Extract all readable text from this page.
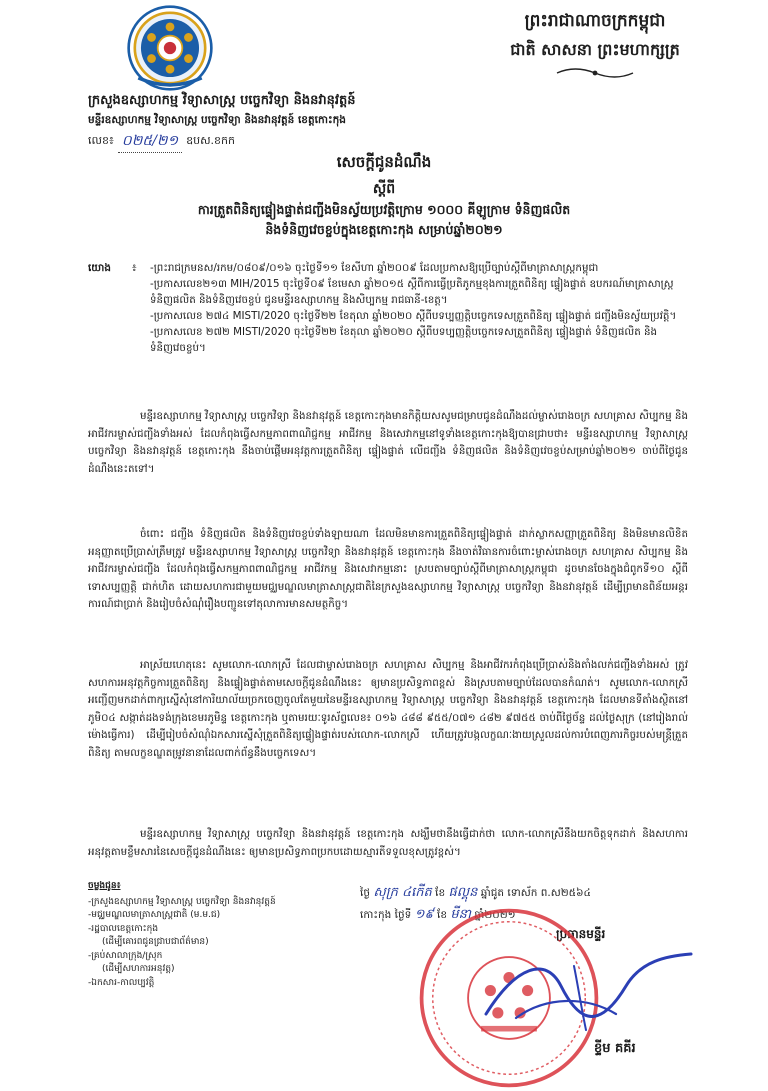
ព្រះរាជាណាចក្រកម្ពុជា
ជាតិ សាសនា ព្រះមហាក្សត្រ
ក្រសួងឧស្សាហកម្ម វិទ្យាសាស្ត្រ បច្ចេកវិទ្យា និងនវានុវត្តន៍
មន្ទីរឧស្សាហកម្ម វិទ្យាសាស្ត្រ បច្ចេកវិទ្យា និងនវានុវត្តន៍ ខេត្តកោះកុង
លេខ៖ ០២៥/២១ ឧបស.ខកក
សេចក្តីជូនដំណឹង
ស្តីពី
ការត្រួតពិនិត្យផ្ទៀងផ្ទាត់ជញ្ជីងមិនស្វ័យប្រវត្តិក្រោម ១០០០ គីឡូក្រាម ទំនិញផលិត
និងទំនិញវេចខ្ចប់ក្នុងខេត្តកោះកុង សម្រាប់ឆ្នាំ២០២១
យោង ៖ -ព្រះរាជក្រមនស/រកម/០៨០៩/០១៦ ចុះថ្ងៃទី១១ ខែសីហា ឆ្នាំ២០០៩ ដែលប្រកាសឱ្យប្រើច្បាប់ស្តីពីមាត្រាសាស្ត្រកម្ពុជា
-ប្រកាសលេខ២១៣ MIH/2015 ចុះថ្ងៃទី០៩ ខែមេសា ឆ្នាំ២០១៥ ស្តីពីការធ្វើប្រតិភូកម្មខុងការត្រួតពិនិត្យ ផ្ទៀងផ្ទាត់ ឧបករណ៍មាត្រាសាស្ត្រ ទំនិញផលិត និងទំនិញវេចខ្ចប់ ជូនមន្ទីរឧស្សាហកម្ម និងសិប្បកម្ម រាជធានី-ខេត្ត។
-ប្រកាសលេខ ២៧៤ MISTI/2020 ចុះថ្ងៃទី២២ ខែតុលា ឆ្នាំ២០២០ ស្តីពីបទប្បញ្ញត្តិបច្ចេកទេសត្រួតពិនិត្យ ផ្ទៀងផ្ទាត់ ជញ្ជីងមិនស្វ័យប្រវត្តិ។
-ប្រកាសលេខ ២៧២ MISTI/2020 ចុះថ្ងៃទី២២ ខែតុលា ឆ្នាំ២០២០ ស្តីពីបទប្បញ្ញត្តិបច្ចេកទេសត្រួតពិនិត្យ ផ្ទៀងផ្ទាត់ ទំនិញផលិត និងទំនិញវេចខ្ចប់។

មន្ទីរឧស្សាហកម្ម វិទ្យាសាស្ត្រ បច្ចេកវិទ្យា និងនវានុវត្តន៍ ខេត្តកោះកុងមានកិត្តិយសសូមជម្រាបជូនដំណឹងដល់ម្ចាស់រោងចក្រ សហគ្រាស សិប្បកម្ម និងអាជីវករម្ចាស់ជញ្ជីងទាំងអស់ ដែលកំពុងធ្វើសកម្មភាពពាណិជ្ជកម្ម អាជីវកម្ម និងសេវាកម្មនៅទូទាំងខេត្តកោះកុងឱ្យបានជ្រាបថា៖ មន្ទីរឧស្សាហកម្ម វិទ្យាសាស្ត្រ បច្ចេកវិទ្យា និងនវានុវត្តន៍ ខេត្តកោះកុង នឹងចាប់ផ្តើមអនុវត្តការត្រួតពិនិត្យ ផ្ទៀងផ្ទាត់ លើជញ្ជីង ទំនិញផលិត និងទំនិញវេចខ្ចប់សម្រាប់ឆ្នាំ២០២១ ចាប់ពីថ្ងៃជូនដំណឹងនេះតទៅ។

ចំពោះ ជញ្ជីង ទំនិញផលិត និងទំនិញវេចខ្ចប់ទាំងឡាយណា ដែលមិនមានការត្រួតពិនិត្យផ្ទៀងផ្ទាត់ ដាក់ស្លាកសញ្ញាត្រួតពិនិត្យ និងមិនមានលិខិតអនុញ្ញាតប្រើប្រាស់ត្រឹមត្រូវ មន្ទីរឧស្សាហកម្ម វិទ្យាសាស្ត្រ បច្ចេកវិទ្យា និងនវានុវត្តន៍ ខេត្តកោះកុង នឹងចាត់វិធានការចំពោះម្ចាស់រោងចក្រ សហគ្រាស សិប្បកម្ម និងអាជីវករម្ចាស់ជញ្ជីង ដែលកំពុងធ្វើសកម្មភាពពាណិជ្ជកម្ម អាជីវកម្ម និងសេវាកម្មនោះ ស្របតាមច្បាប់ស្តីពីមាត្រាសាស្ត្រកម្ពុជា ដូចមានចែងក្នុងជំពូកទី១០ ស្តីពីទោសប្បញ្ញត្តិ ជាក់ហិត ដោយសហការជាមួយមជ្ឈមណ្ឌលមាត្រាសាស្ត្រជាតិនៃក្រសួងឧស្សាហកម្ម វិទ្យាសាស្ត្រ បច្ចេកវិទ្យា និងនវានុវត្តន៍ ដើម្បីព្រមានពិន័យអន្តរការណ៍ជាប្រាក់ និងរៀបចំសំណុំរឿងបញ្ជូនទៅតុលាការមានសមត្ថកិច្ច។

អាស្រ័យហេតុនេះ សូមលោក-លោកស្រី ដែលជាម្ចាស់រោងចក្រ សហគ្រាស សិប្បកម្ម និងអាជីវករកំពុងប្រើប្រាស់និងតាំងលក់ជញ្ជីងទាំងអស់ ត្រូវសហការអនុវត្តកិច្ចការត្រួតពិនិត្យ និងផ្ទៀងផ្ទាត់តាមសេចក្តីជូនដំណឹងនេះ ឲ្យមានប្រសិទ្ធភាពខ្ពស់ និងស្របតាមច្បាប់ដែលបានកំណត់។ សូមលោក-លោកស្រី អញ្ជើញមកដាក់ពាក្យស្នើសុំនៅការិយាល័យច្រកចេញចូលតែមួយនៃមន្ទីរឧស្សាហកម្ម វិទ្យាសាស្ត្រ បច្ចេកវិទ្យា និងនវានុវត្តន៍ ខេត្តកោះកុង ដែលមានទីតាំងស្ថិតនៅភូមិ០៤ សង្កាត់ដងទង់ក្រុងខេមរភូមិន្ទ ខេត្តកោះកុង ឬតាមរយៈទូរស័ព្ទលេខ៖ ០១៦ ៤៨៨ ៩៥៥/០៧១ ៤៨២ ៩៧៥៥ ចាប់ពីថ្ងៃច័ន្ទ ដល់ថ្ងៃសុក្រ (នៅរៀងរាល់ម៉ោងធ្វើការ) ដើម្បីរៀបចំសំណុំឯកសារស្នើសុំត្រួតពិនិត្យផ្ទៀងផ្ទាត់របស់លោក-លោកស្រី ហើយត្រូវបង្កលក្ខណៈងាយស្រួលដល់ការបំពេញភារកិច្ចរបស់មន្ត្រីត្រួតពិនិត្យ តាមលក្ខខណ្ឌតម្រូវនានាដែលពាក់ព័ន្ធនឹងបច្ចេកទេស។

មន្ទីរឧស្សាហកម្ម វិទ្យាសាស្ត្រ បច្ចេកវិទ្យា និងនវានុវត្តន៍ ខេត្តកោះកុង សង្ឃឹមថានឹងធ្វើជាក់ថា លោក-លោកស្រីនឹងយកចិត្តទុកដាក់ និងសហការអនុវត្តតាមខ្លឹមសារនៃសេចក្តីជូនដំណឹងនេះ ឲ្យមានប្រសិទ្ធភាពប្រកបដោយស្មារតីទទួលខុសត្រូវខ្ពស់។

ចម្លងជូន៖
-ក្រសួងឧស្សាហកម្ម វិទ្យាសាស្ត្រ បច្ចេកវិទ្យា និងនវានុវត្តន៍
-មជ្ឈមណ្ឌលមាត្រាសាស្ត្រជាតិ (ម.ម.ជ)
-រដ្ឋបាលខេត្តកោះកុង
(ដើម្បីគោរពជូនជ្រាបជាព័ត៌មាន)
-គ្រប់សាលាក្រុង/ស្រុក
(ដើម្បីសហការអនុវត្ត)
-ឯកសារ-កាលប្បវត្តិ
ថ្ងៃ សុក្រ ៤កើត ខែ ផល្គុន ឆ្នាំជូត ទោស័ក ព.ស២៥៦៤
កោះកុង ថ្ងៃទី ១៩ ខែ មីនា ឆ្នាំ២០២១
ប្រធានមន្ទីរ
ខ្ទីម គគីរ
